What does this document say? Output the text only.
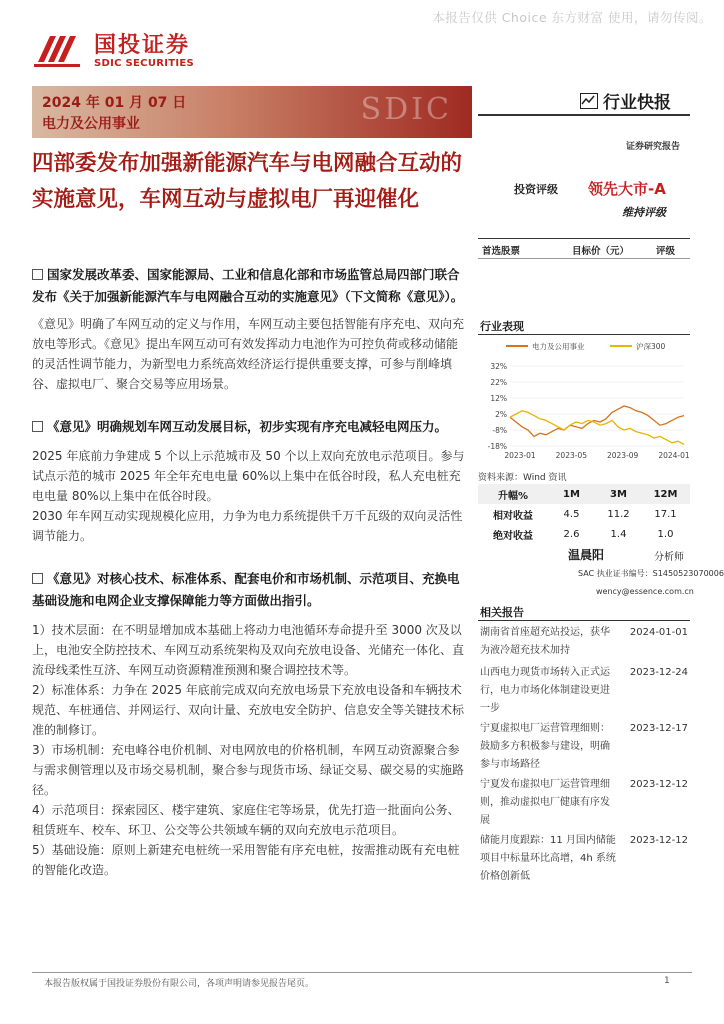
本报告仅供 Choice 东方财富 使用，请勿传阅。
国投证券
SDIC SECURITIES
2024 年 01 月 07 日
电力及公用事业	SDIC	行业快报
证券研究报告
四部委发布加强新能源汽车与电网融合互动的实施意见，车网互动与虚拟电厂再迎催化	投资评级 领先大市-A
维持评级
首选股票	目标价（元）	评级
行业表现
电力及公用事业	沪深300
32%
22%
12%
2%
-8%
-18%
2023-01	2023-05	2023-09	2024-01
资料来源：Wind 资讯
升幅%	1M	3M	12M
相对收益	4.5	11.2	17.1
绝对收益	2.6	1.4	1.0
温晨阳	分析师
SAC 执业证书编号：S1450523070006
wency@essence.com.cn
相关报告
湖南省首座超充站投运，获华为液冷超充技术加持
2024-01-01
山西电力现货市场转入正式运行，电力市场化体制建设更进一步
2023-12-24
宁夏虚拟电厂运营管理细则：鼓励多方积极参与建设，明确参与市场路径
2023-12-17
宁夏发布虚拟电厂运营管理细则，推动虚拟电厂健康有序发展
2023-12-12
储能月度跟踪：11 月国内储能项目中标量环比高增，4h 系统价格创新低
2023-12-12
国家发展改革委、国家能源局、工业和信息化部和市场监管总局四部门联合发布《关于加强新能源汽车与电网融合互动的实施意见》（下文简称《意见》）。
《意见》明确了车网互动的定义与作用，车网互动主要包括智能有序充电、双向充放电等形式。《意见》提出车网互动可有效发挥动力电池作为可控负荷或移动储能的灵活性调节能力，为新型电力系统高效经济运行提供重要支撑，可参与削峰填谷、虚拟电厂、聚合交易等应用场景。
《意见》明确规划车网互动发展目标，初步实现有序充电减轻电网压力。
2025 年底前力争建成 5 个以上示范城市及 50 个以上双向充放电示范项目。参与试点示范的城市 2025 年全年充电电量 60%以上集中在低谷时段，私人充电桩充电电量 80%以上集中在低谷时段。
2030 年车网互动实现规模化应用，力争为电力系统提供千万千瓦级的双向灵活性调节能力。
《意见》对核心技术、标准体系、配套电价和市场机制、示范项目、充换电基础设施和电网企业支撑保障能力等方面做出指引。
1）技术层面：在不明显增加成本基础上将动力电池循环寿命提升至 3000 次及以上，电池安全防控技术、车网互动系统架构及双向充放电设备、光储充一体化、直流母线柔性互济、车网互动资源精准预测和聚合调控技术等。
2）标准体系：力争在 2025 年底前完成双向充放电场景下充放电设备和车辆技术规范、车桩通信、并网运行、双向计量、充放电安全防护、信息安全等关键技术标准的制修订。
3）市场机制：充电峰谷电价机制、对电网放电的价格机制，车网互动资源聚合参与需求侧管理以及市场交易机制，聚合参与现货市场、绿证交易、碳交易的实施路径。
4）示范项目：探索园区、楼宇建筑、家庭住宅等场景，优先打造一批面向公务、租赁班车、校车、环卫、公交等公共领域车辆的双向充放电示范项目。
5）基础设施：原则上新建充电桩统一采用智能有序充电桩，按需推动既有充电桩的智能化改造。
本报告版权属于国投证券股份有限公司，各项声明请参见报告尾页。	1
